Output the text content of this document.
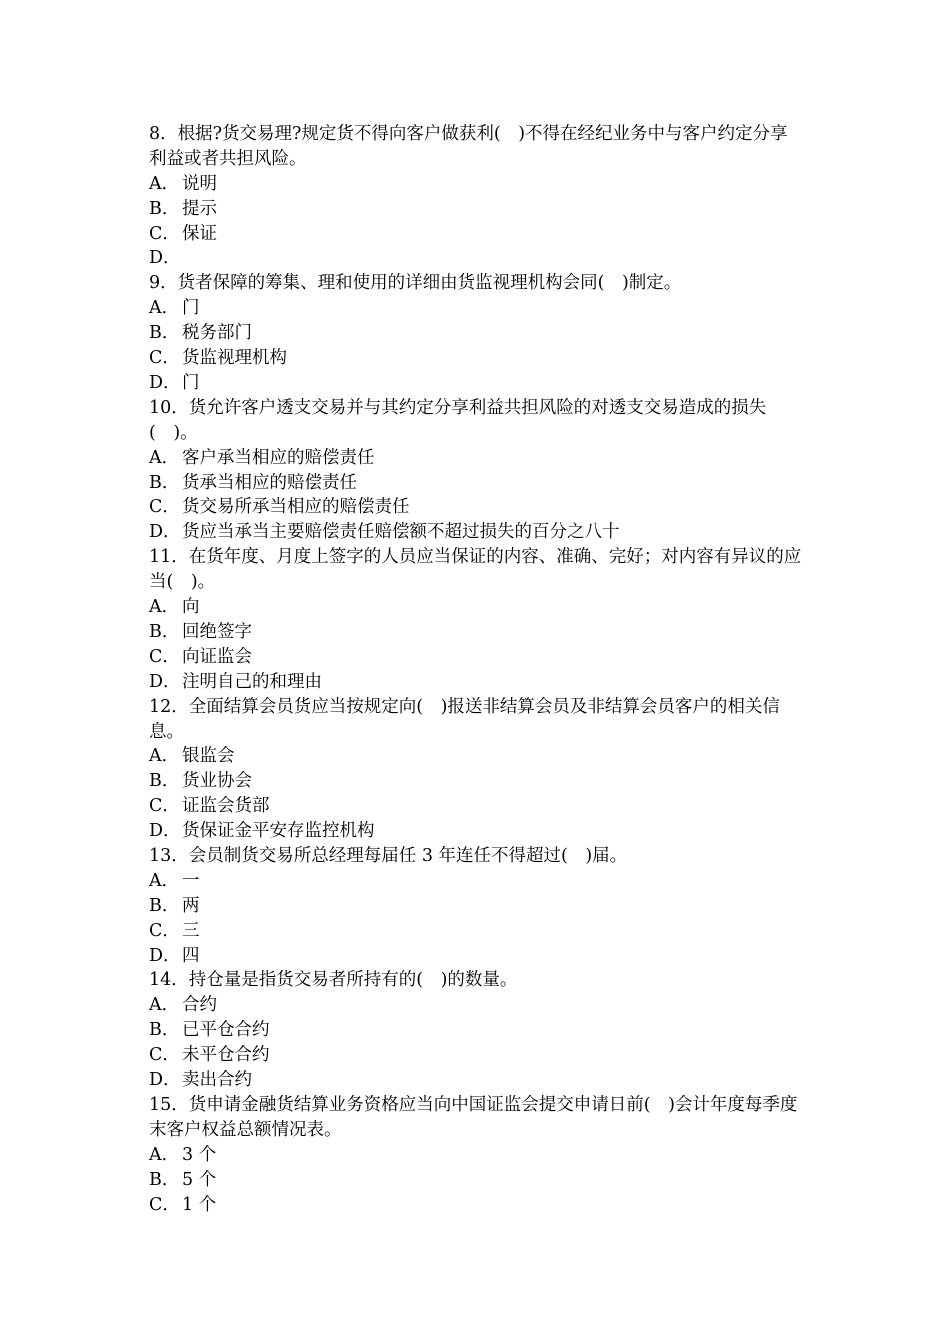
8．根据?货交易理?规定货不得向客户做获利(　)不得在经纪业务中与客户约定分享利益或者共担风险。
A． 说明
B． 提示
C． 保证
D．
9．货者保障的筹集、理和使用的详细由货监视理机构会同(　)制定。
A． 门
B． 税务部门
C． 货监视理机构
D．门
10．货允许客户透支交易并与其约定分享利益共担风险的对透支交易造成的损失(　)。
A． 客户承当相应的赔偿责任
B． 货承当相应的赔偿责任
C． 货交易所承当相应的赔偿责任
D．货应当承当主要赔偿责任赔偿额不超过损失的百分之八十
11．在货年度、月度上签字的人员应当保证的内容、准确、完好；对内容有异议的应当(　)。
A． 向
B． 回绝签字
C． 向证监会
D．注明自己的和理由
12．全面结算会员货应当按规定向(　)报送非结算会员及非结算会员客户的相关信息。
A． 银监会
B． 货业协会
C． 证监会货部
D．货保证金平安存监控机构
13．会员制货交易所总经理每届任 3 年连任不得超过(　)届。
A． 一
B． 两
C． 三
D．四
14．持仓量是指货交易者所持有的(　)的数量。
A． 合约
B． 已平仓合约
C． 未平仓合约
D．卖出合约
15．货申请金融货结算业务资格应当向中国证监会提交申请日前(　)会计年度每季度末客户权益总额情况表。
A． 3 个
B． 5 个
C． 1 个
